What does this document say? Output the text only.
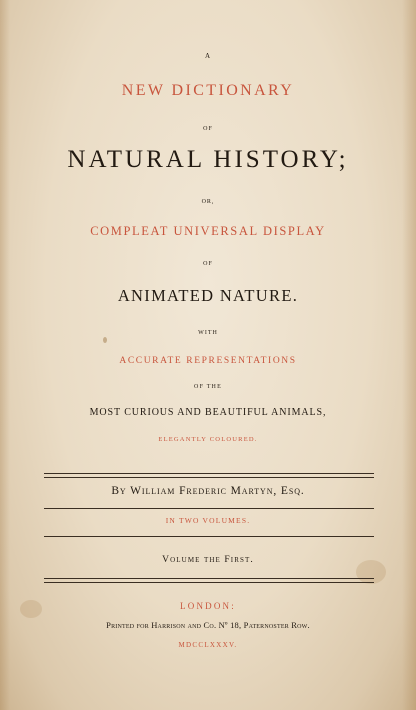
A
NEW DICTIONARY
OF
NATURAL HISTORY;
OR,
COMPLEAT UNIVERSAL DISPLAY
OF
ANIMATED NATURE.
WITH
ACCURATE REPRESENTATIONS
OF THE
MOST CURIOUS AND BEAUTIFUL ANIMALS,
ELEGANTLY COLOURED.
By William Frederic Martyn, Esq.
IN TWO VOLUMES.
Volume the First.
LONDON:
Printed for Harrison and Co. Nº 18, Paternoster Row.
MDCCLXXXV.
